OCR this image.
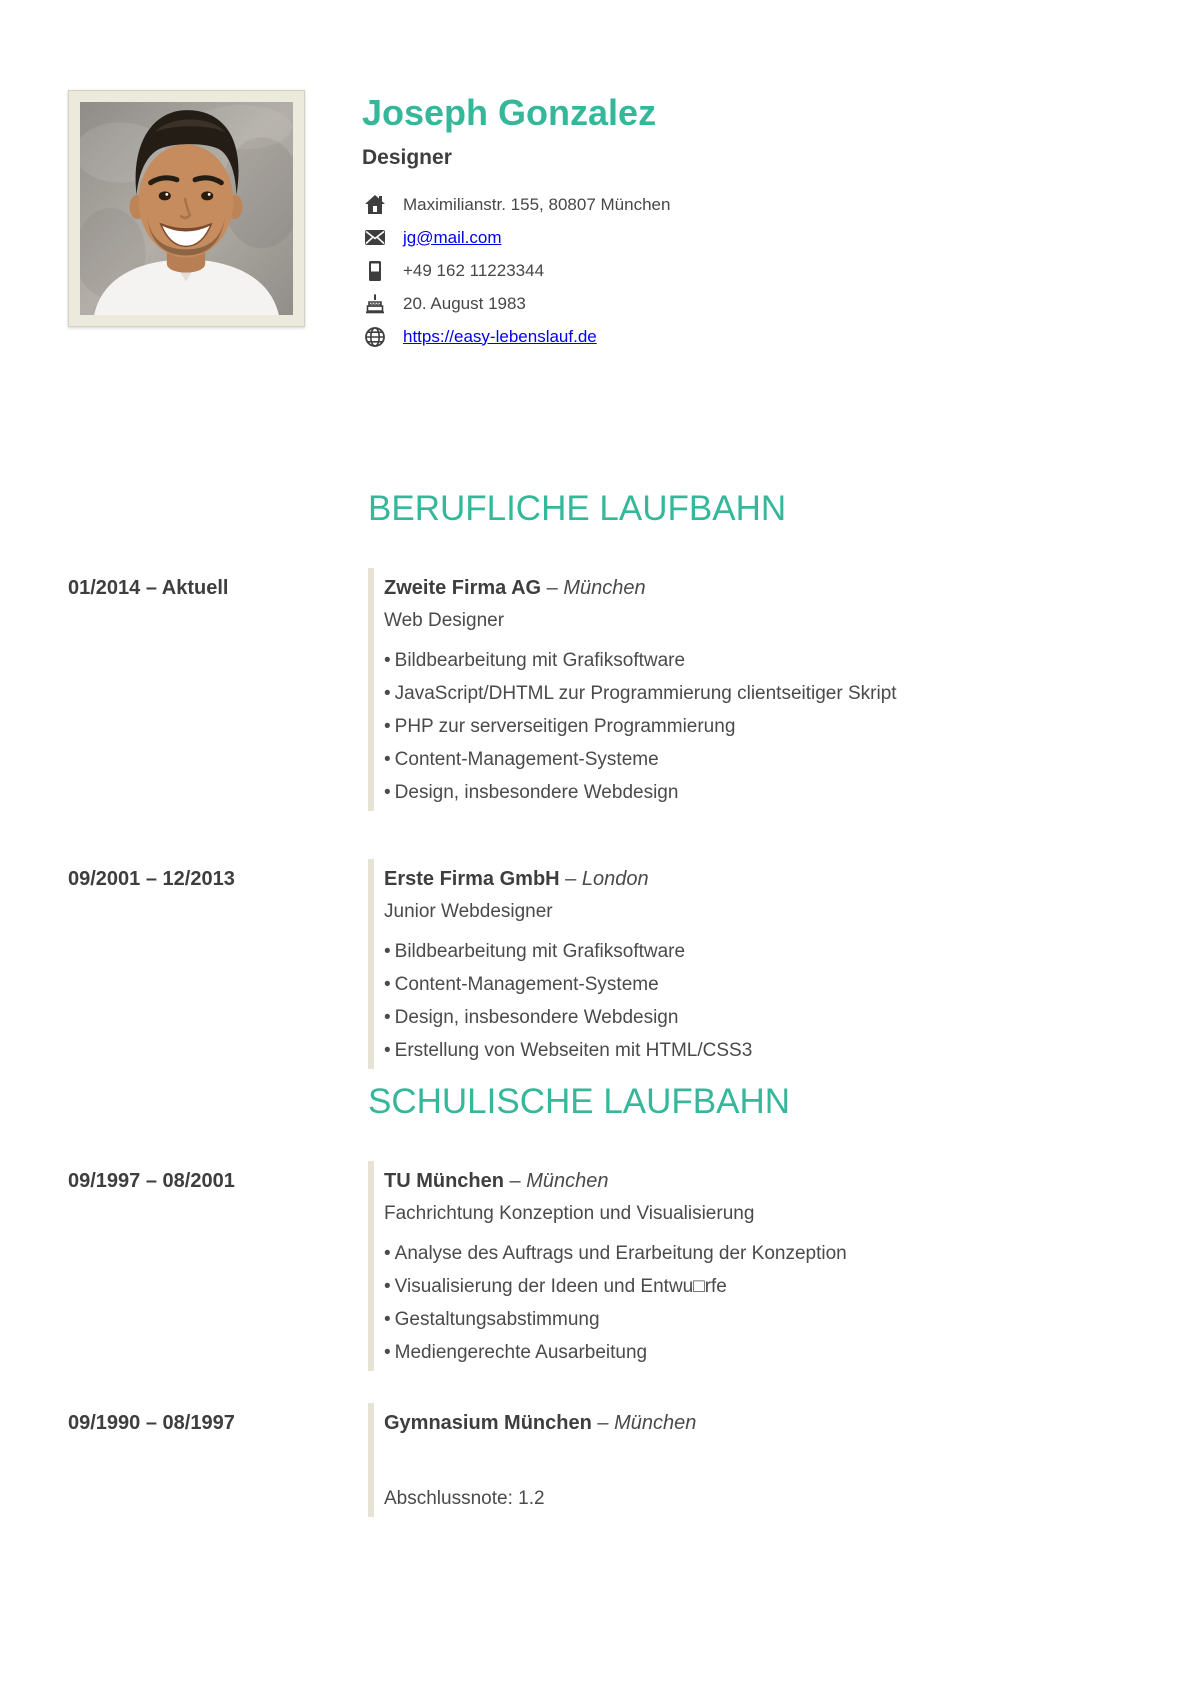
Joseph Gonzalez
Designer
Maximilianstr. 155, 80807 München
jg@mail.com
+49 162 11223344
20. August 1983
https://easy-lebenslauf.de
BERUFLICHE LAUFBAHN
01/2014 – Aktuell	Zweite Firma AG – München
Web Designer
• Bildbearbeitung mit Grafiksoftware
• JavaScript/DHTML zur Programmierung clientseitiger Skript
• PHP zur serverseitigen Programmierung
• Content-Management-Systeme
• Design, insbesondere Webdesign
09/2001 – 12/2013	Erste Firma GmbH – London
Junior Webdesigner
• Bildbearbeitung mit Grafiksoftware
• Content-Management-Systeme
• Design, insbesondere Webdesign
• Erstellung von Webseiten mit HTML/CSS3
SCHULISCHE LAUFBAHN
09/1997 – 08/2001	TU München – München
Fachrichtung Konzeption und Visualisierung
• Analyse des Auftrags und Erarbeitung der Konzeption
• Visualisierung der Ideen und Entwu□rfe
• Gestaltungsabstimmung
• Mediengerechte Ausarbeitung
09/1990 – 08/1997	Gymnasium München – München
Abschlussnote: 1.2
